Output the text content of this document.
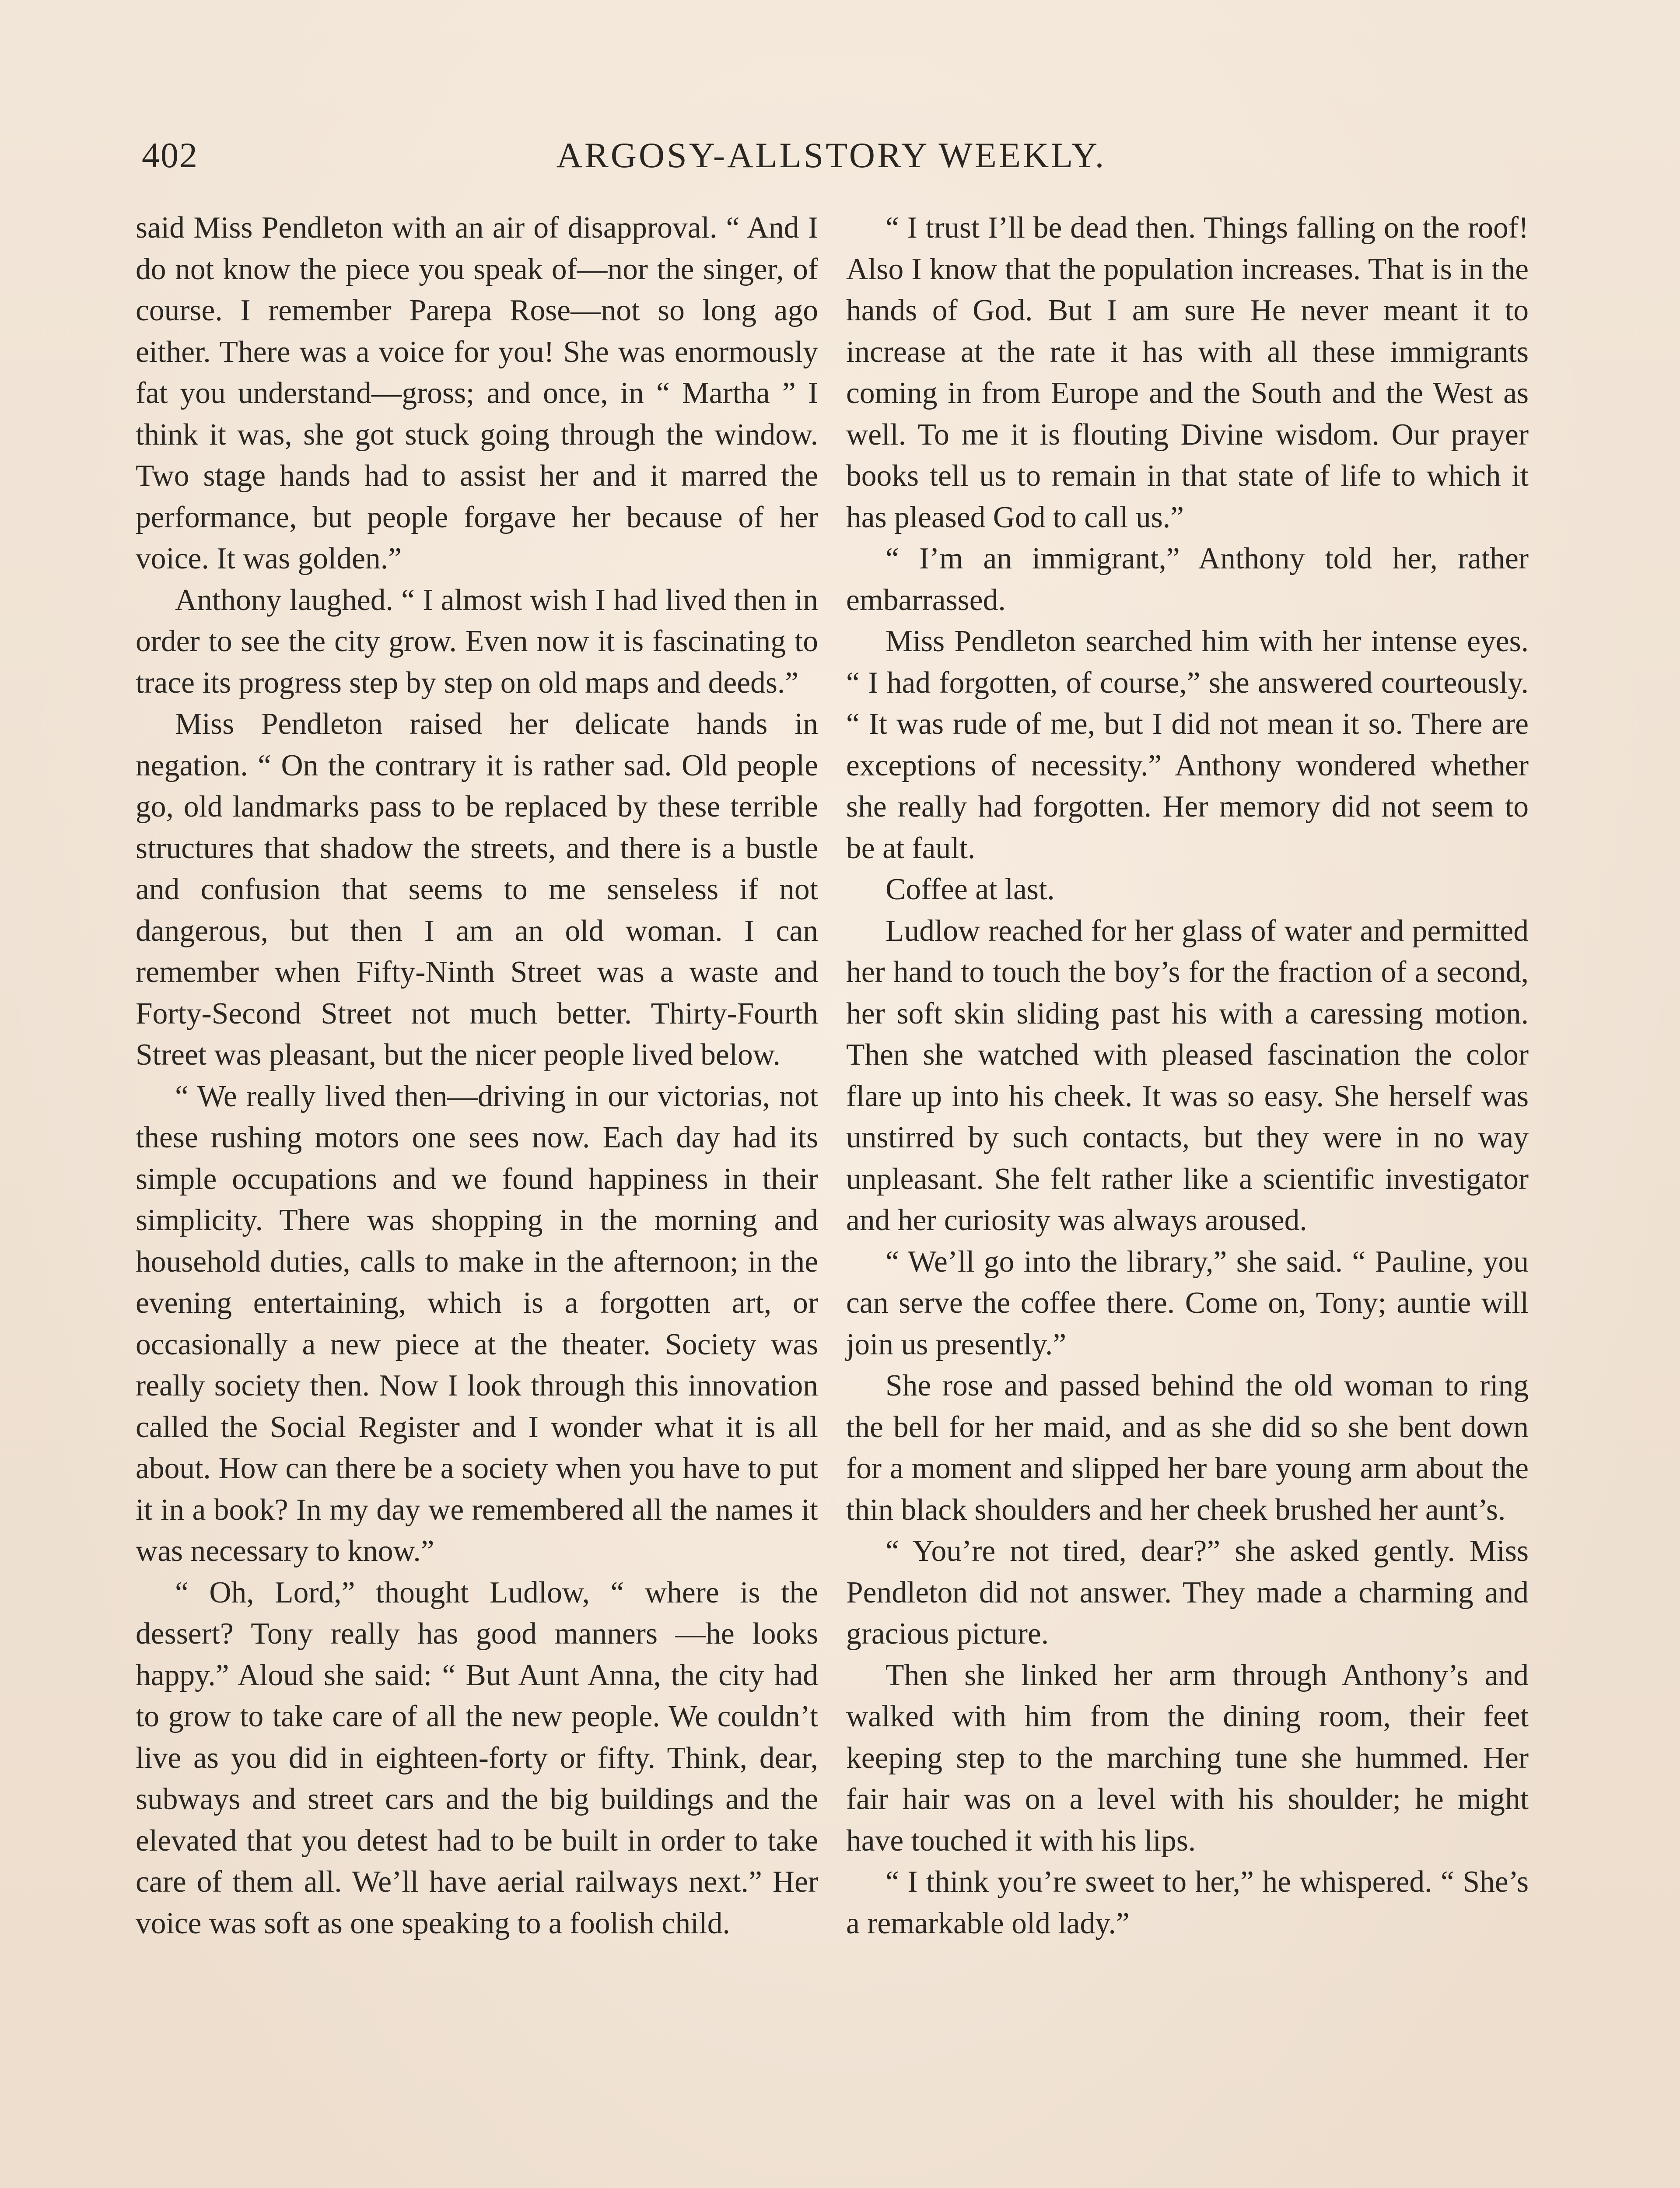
402	ARGOSY-ALLSTORY WEEKLY.

said Miss Pendleton with an air of disapproval. “ And I do not know the piece you speak of—nor the singer, of course. I remember Parepa Rose—not so long ago either. There was a voice for you! She was enormously fat you understand—gross; and once, in “ Martha ” I think it was, she got stuck going through the window. Two stage hands had to assist her and it marred the performance, but people forgave her because of her voice. It was golden.”

Anthony laughed. “ I almost wish I had lived then in order to see the city grow. Even now it is fascinating to trace its progress step by step on old maps and deeds.”

Miss Pendleton raised her delicate hands in negation. “ On the contrary it is rather sad. Old people go, old landmarks pass to be replaced by these terrible structures that shadow the streets, and there is a bustle and confusion that seems to me senseless if not dangerous, but then I am an old woman. I can remember when Fifty-Ninth Street was a waste and Forty-Second Street not much better. Thirty-Fourth Street was pleasant, but the nicer people lived below.

“ We really lived then—driving in our victorias, not these rushing motors one sees now. Each day had its simple occupations and we found happiness in their simplicity. There was shopping in the morning and household duties, calls to make in the afternoon; in the evening entertaining, which is a forgotten art, or occasionally a new piece at the theater. Society was really society then. Now I look through this innovation called the Social Register and I wonder what it is all about. How can there be a society when you have to put it in a book? In my day we remembered all the names it was necessary to know.”

“ Oh, Lord,” thought Ludlow, “ where is the dessert? Tony really has good manners —he looks happy.” Aloud she said: “ But Aunt Anna, the city had to grow to take care of all the new people. We couldn’t live as you did in eighteen-forty or fifty. Think, dear, subways and street cars and the big buildings and the elevated that you detest had to be built in order to take care of them all. We’ll have aerial railways next.” Her voice was soft as one speaking to a foolish child.

“ I trust I’ll be dead then. Things falling on the roof! Also I know that the population increases. That is in the hands of God. But I am sure He never meant it to increase at the rate it has with all these immigrants coming in from Europe and the South and the West as well. To me it is flouting Divine wisdom. Our prayer books tell us to remain in that state of life to which it has pleased God to call us.”

“ I’m an immigrant,” Anthony told her, rather embarrassed.

Miss Pendleton searched him with her intense eyes. “ I had forgotten, of course,” she answered courteously. “ It was rude of me, but I did not mean it so. There are exceptions of necessity.” Anthony wondered whether she really had forgotten. Her memory did not seem to be at fault.

Coffee at last.

Ludlow reached for her glass of water and permitted her hand to touch the boy’s for the fraction of a second, her soft skin sliding past his with a caressing motion. Then she watched with pleased fascination the color flare up into his cheek. It was so easy. She herself was unstirred by such contacts, but they were in no way unpleasant. She felt rather like a scientific investigator and her curiosity was always aroused.

“ We’ll go into the library,” she said. “ Pauline, you can serve the coffee there. Come on, Tony; auntie will join us presently.”

She rose and passed behind the old woman to ring the bell for her maid, and as she did so she bent down for a moment and slipped her bare young arm about the thin black shoulders and her cheek brushed her aunt’s.

“ You’re not tired, dear?” she asked gently. Miss Pendleton did not answer. They made a charming and gracious picture.

Then she linked her arm through Anthony’s and walked with him from the dining room, their feet keeping step to the marching tune she hummed. Her fair hair was on a level with his shoulder; he might have touched it with his lips.

“ I think you’re sweet to her,” he whispered. “ She’s a remarkable old lady.”
